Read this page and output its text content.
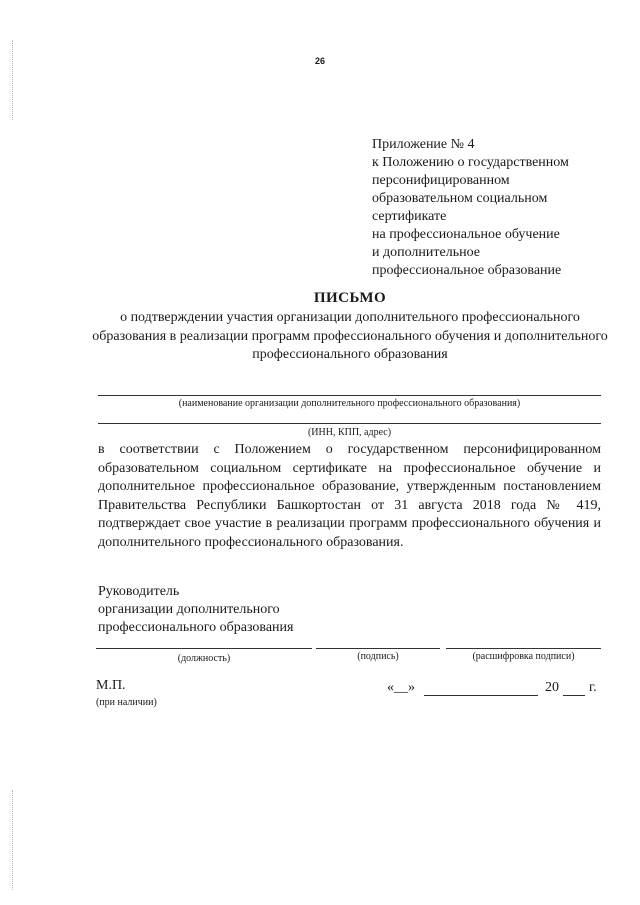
26
Приложение № 4
к Положению о государственном
персонифицированном
образовательном социальном
сертификате
на профессиональное обучение
и дополнительное
профессиональное образование
ПИСЬМО
о подтверждении участия организации дополнительного профессионального образования в реализации программ профессионального обучения и дополнительного профессионального образования
(наименование организации дополнительного профессионального образования)
(ИНН, КПП, адрес)

в соответствии с Положением о государственном персонифицированном образовательном социальном сертификате на профессиональное обучение и дополнительное профессиональное образование, утвержденным постановлением Правительства Республики Башкортостан от 31 августа 2018 года № 419, подтверждает свое участие в реализации программ профессионального обучения и дополнительного профессионального образования.

Руководитель
организации дополнительного
профессионального образования
(должность)	(подпись)	(расшифровка подписи)
М.П.
(при наличии)
«__»	20 г.
